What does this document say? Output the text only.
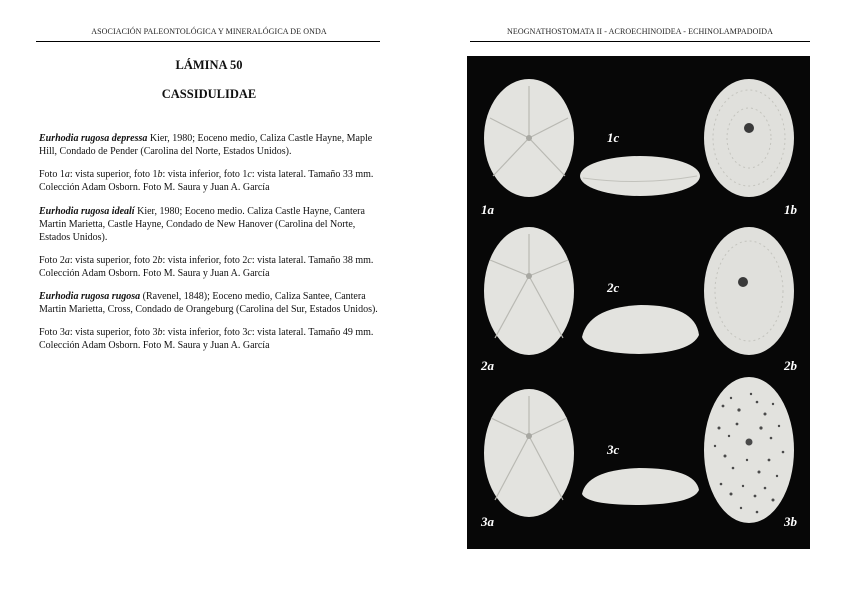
ASOCIACIÓN PALEONTOLÓGICA Y MINERALÓGICA DE ONDA	NEOGNATHOSTOMATA II - ACROECHINOIDEA - ECHINOLAMPADOIDA
LÁMINA 50
CASSIDULIDAE

Eurhodia rugosa depressa Kier, 1980; Eoceno medio, Caliza Castle Hayne, Maple Hill, Condado de Pender (Carolina del Norte, Estados Unidos).

Foto 1a: vista superior, foto 1b: vista inferior, foto 1c: vista lateral. Tamaño 33 mm. Colección Adam Osborn. Foto M. Saura y Juan A. García

Eurhodia rugosa idealí Kier, 1980; Eoceno medio. Caliza Castle Hayne, Cantera Martin Marietta, Castle Hayne, Condado de New Hanover (Carolina del Norte, Estados Unidos).

Foto 2a: vista superior, foto 2b: vista inferior, foto 2c: vista lateral. Tamaño 38 mm. Colección Adam Osborn. Foto M. Saura y Juan A. García

Eurhodia rugosa rugosa (Ravenel, 1848); Eoceno medio, Caliza Santee, Cantera Martin Marietta, Cross, Condado de Orangeburg (Carolina del Sur, Estados Unidos).

Foto 3a: vista superior, foto 3b: vista inferior, foto 3c: vista lateral. Tamaño 49 mm. Colección Adam Osborn. Foto M. Saura y Juan A. García

1a
1c
1b
2a
2c
2b
3a
3c
3b
